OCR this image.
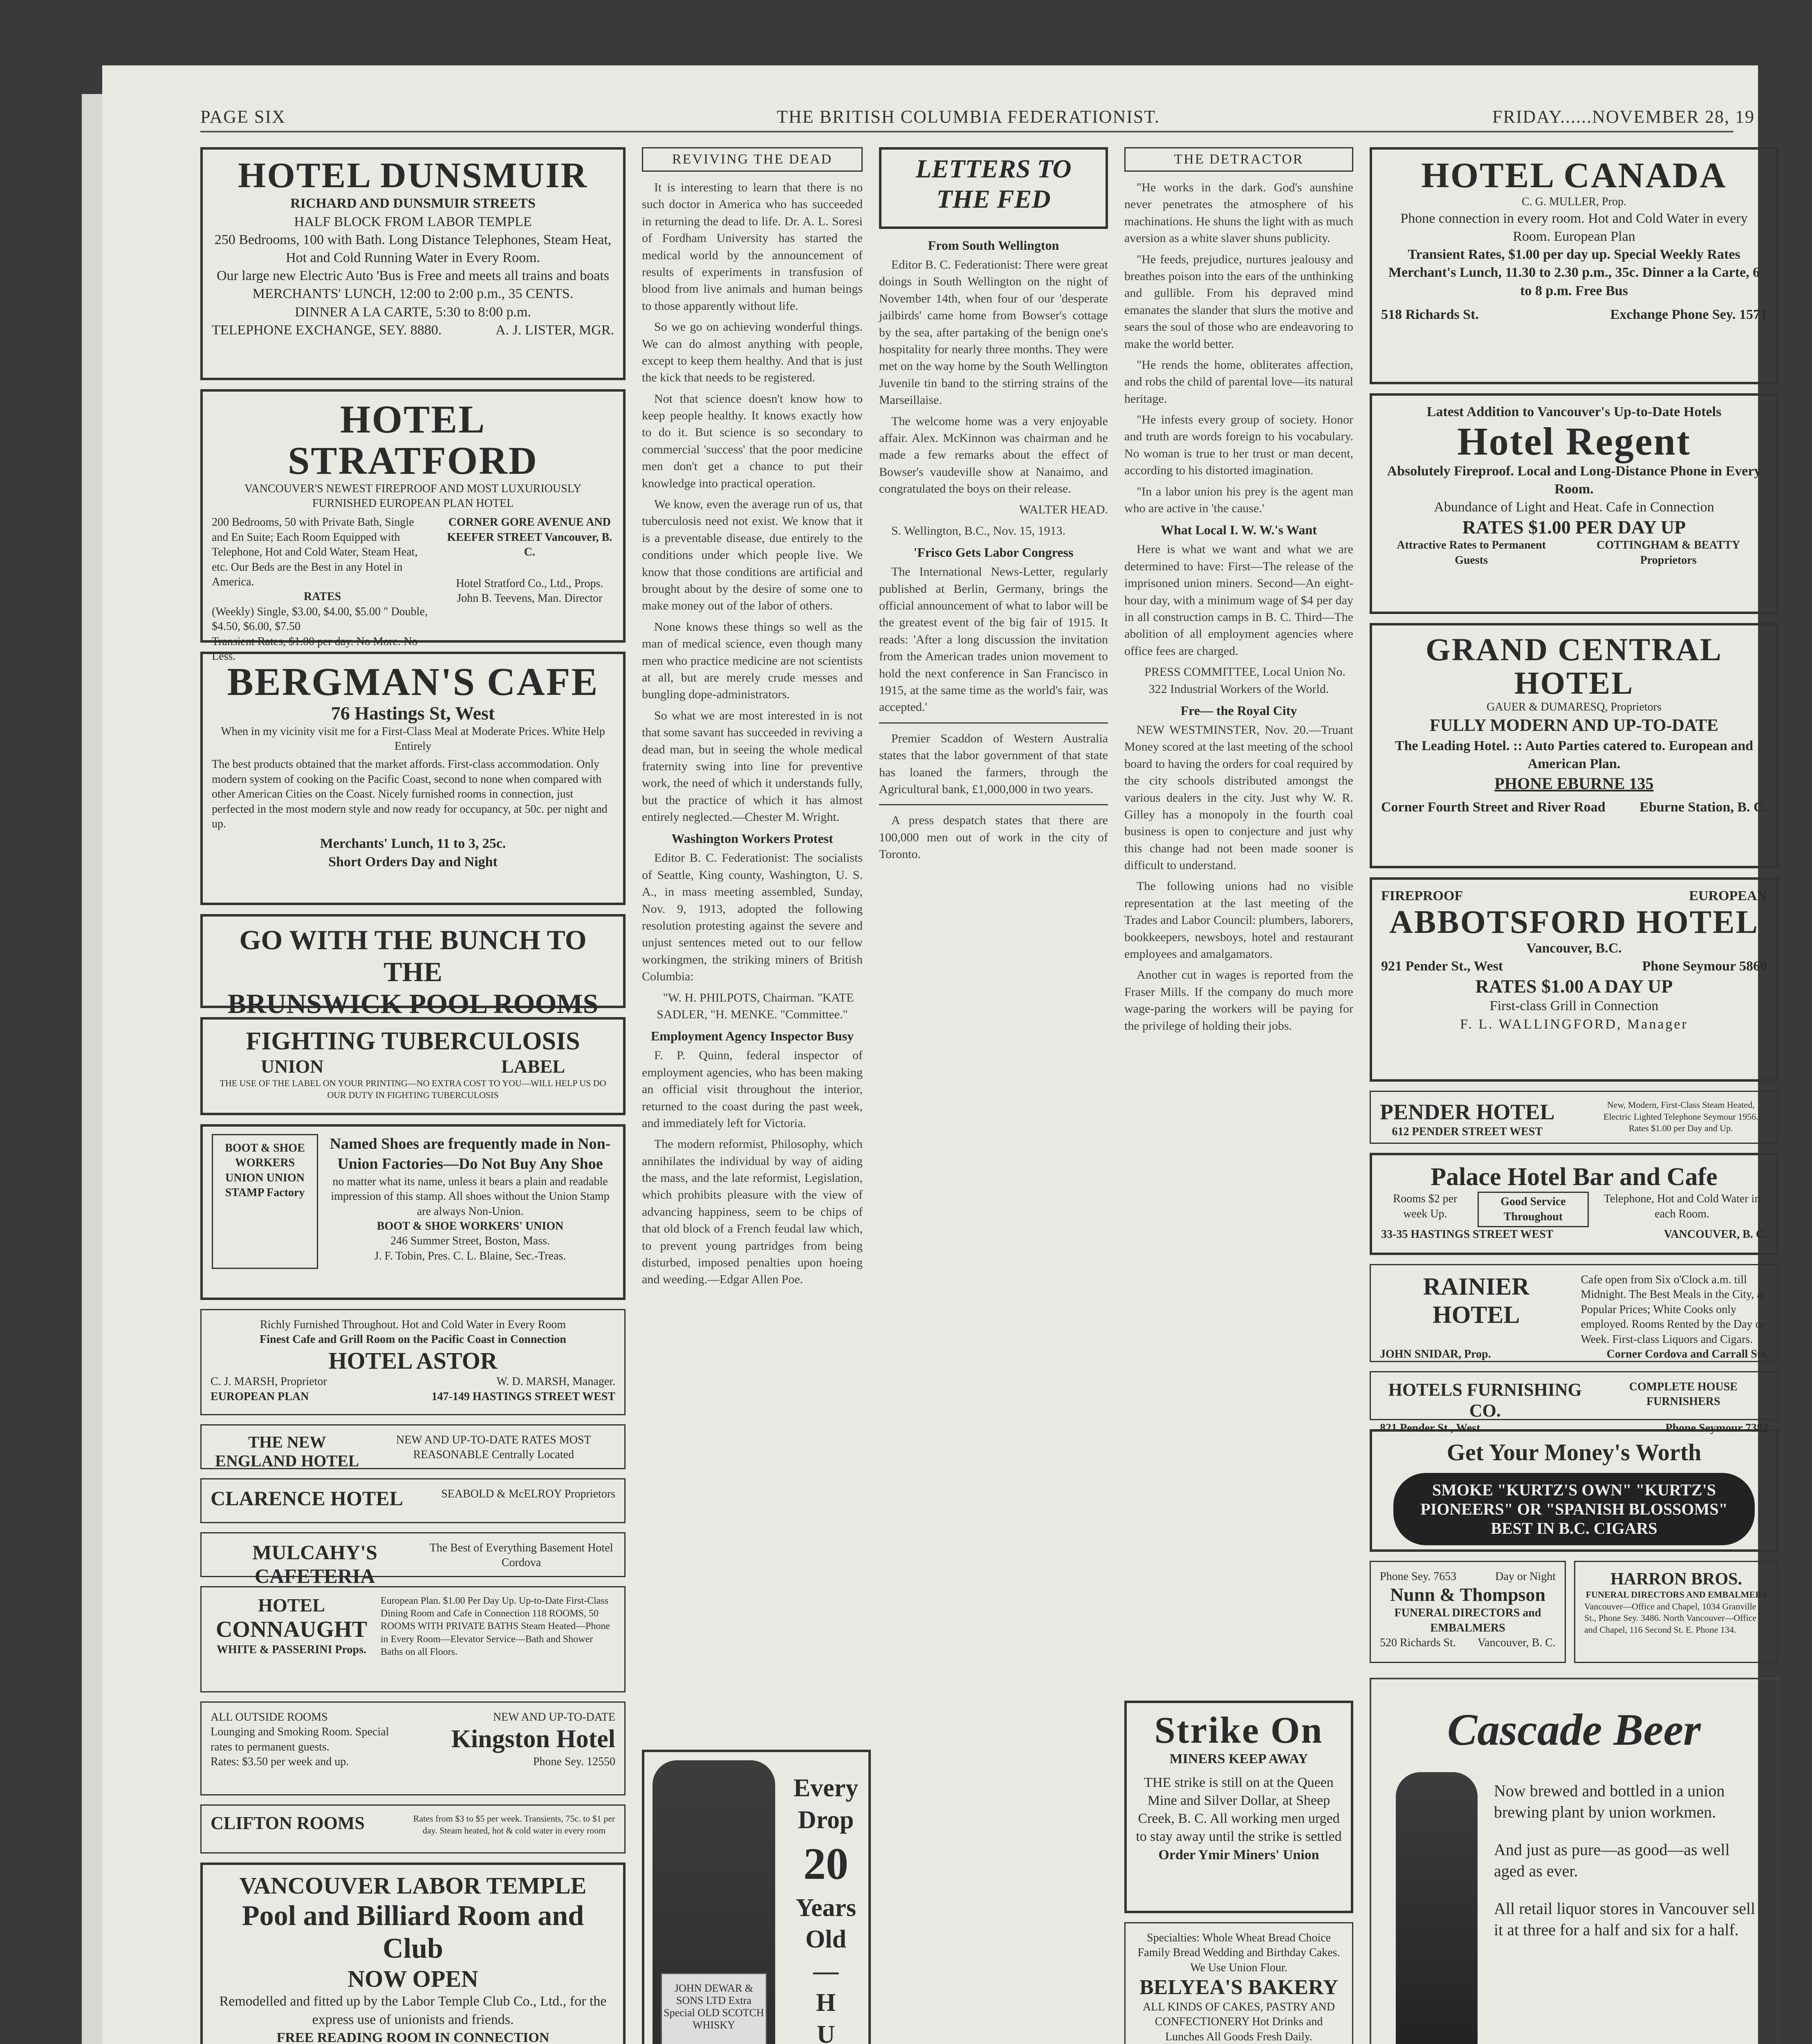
PAGE SIX	THE BRITISH COLUMBIA FEDERATIONIST.	FRIDAY......NOVEMBER 28, 19
HOTEL DUNSMUIR
RICHARD AND DUNSMUIR STREETS
HALF BLOCK FROM LABOR TEMPLE
250 Bedrooms, 100 with Bath. Long Distance Telephones, Steam Heat, Hot and Cold Running Water in Every Room.
Our large new Electric Auto 'Bus is Free and meets all trains and boats
MERCHANTS' LUNCH, 12:00 to 2:00 p.m., 35 CENTS.
DINNER A LA CARTE, 5:30 to 8:00 p.m.
TELEPHONE EXCHANGE, SEY. 8880.	A. J. LISTER, MGR.
HOTEL STRATFORD
VANCOUVER'S NEWEST FIREPROOF AND MOST LUXURIOUSLY FURNISHED EUROPEAN PLAN HOTEL
200 Bedrooms, 50 with Private Bath, Single and En Suite; Each Room Equipped with Telephone, Hot and Cold Water, Steam Heat, etc. Our Beds are the Best in any Hotel in America.
RATES
(Weekly) Single, $3.00, $4.00, $5.00 " Double, $4.50, $6.00, $7.50
Transient Rates, $1.00 per day. No More. No Less.
CORNER GORE AVENUE AND KEEFER STREET Vancouver, B. C.
Hotel Stratford Co., Ltd., Props.
John B. Teevens, Man. Director
BERGMAN'S CAFE
76 Hastings St, West
When in my vicinity visit me for a First-Class Meal at Moderate Prices. White Help Entirely
The best products obtained that the market affords. First-class accommodation. Only modern system of cooking on the Pacific Coast, second to none when compared with other American Cities on the Coast. Nicely furnished rooms in connection, just perfected in the most modern style and now ready for occupancy, at 50c. per night and up.
Merchants' Lunch, 11 to 3, 25c.
Short Orders Day and Night
GO WITH THE BUNCH TO THE
BRUNSWICK POOL ROOMS
FIGHTING TUBERCULOSIS
UNION	LABEL
THE USE OF THE LABEL ON YOUR PRINTING—NO EXTRA COST TO YOU—WILL HELP US DO OUR DUTY IN FIGHTING TUBERCULOSIS
BOOT & SHOE WORKERS UNION UNION STAMP Factory
Named Shoes are frequently made in Non-Union Factories—Do Not Buy Any Shoe
no matter what its name, unless it bears a plain and readable impression of this stamp. All shoes without the Union Stamp are always Non-Union.
BOOT & SHOE WORKERS' UNION
246 Summer Street, Boston, Mass.
J. F. Tobin, Pres. C. L. Blaine, Sec.-Treas.
Richly Furnished Throughout. Hot and Cold Water in Every Room
Finest Cafe and Grill Room on the Pacific Coast in Connection
HOTEL ASTOR
C. J. MARSH, Proprietor	W. D. MARSH, Manager.
EUROPEAN PLAN	147-149 HASTINGS STREET WEST
THE NEW ENGLAND HOTEL
NEW AND UP-TO-DATE RATES MOST REASONABLE Centrally Located
CLARENCE HOTEL	SEABOLD & McELROY Proprietors
MULCAHY'S CAFETERIA
The Best of Everything Basement Hotel Cordova
HOTEL
CONNAUGHT
WHITE & PASSERINI Props.
European Plan. $1.00 Per Day Up. Up-to-Date First-Class Dining Room and Cafe in Connection 118 ROOMS, 50 ROOMS WITH PRIVATE BATHS Steam Heated—Phone in Every Room—Elevator Service—Bath and Shower Baths on all Floors.
ALL OUTSIDE ROOMS	NEW AND UP-TO-DATE
Lounging and Smoking Room. Special rates to permanent guests.	Kingston Hotel
Rates: $3.50 per week and up.	Phone Sey. 12550
CLIFTON ROOMS	Rates from $3 to $5 per week. Transients, 75c. to $1 per day. Steam heated, hot & cold water in every room
VANCOUVER LABOR TEMPLE
Pool and Billiard Room and Club
NOW OPEN
Remodelled and fitted up by the Labor Temple Club Co., Ltd., for the express use of unionists and friends.
FREE READING ROOM IN CONNECTION
REVIVING THE DEAD

It is interesting to learn that there is no such doctor in America who has succeeded in returning the dead to life. Dr. A. L. Soresi of Fordham University has started the medical world by the announcement of results of experiments in transfusion of blood from live animals and human beings to those apparently without life.

So we go on achieving wonderful things. We can do almost anything with people, except to keep them healthy. And that is just the kick that needs to be registered.

Not that science doesn't know how to keep people healthy. It knows exactly how to do it. But science is so secondary to commercial 'success' that the poor medicine men don't get a chance to put their knowledge into practical operation.

We know, even the average run of us, that tuberculosis need not exist. We know that it is a preventable disease, due entirely to the conditions under which people live. We know that those conditions are artificial and brought about by the desire of some one to make money out of the labor of others.

None knows these things so well as the man of medical science, even though many men who practice medicine are not scientists at all, but are merely crude messes and bungling dope-administrators.

So what we are most interested in is not that some savant has succeeded in reviving a dead man, but in seeing the whole medical fraternity swing into line for preventive work, the need of which it understands fully, but the practice of which it has almost entirely neglected.—Chester M. Wright.

Washington Workers Protest

Editor B. C. Federationist: The socialists of Seattle, King county, Washington, U. S. A., in mass meeting assembled, Sunday, Nov. 9, 1913, adopted the following resolution protesting against the severe and unjust sentences meted out to our fellow workingmen, the striking miners of British Columbia:

"W. H. PHILPOTS, Chairman. "KATE SADLER, "H. MENKE. "Committee."

Employment Agency Inspector Busy

F. P. Quinn, federal inspector of employment agencies, who has been making an official visit throughout the interior, returned to the coast during the past week, and immediately left for Victoria.

The modern reformist, Philosophy, which annihilates the individual by way of aiding the mass, and the late reformist, Legislation, which prohibits pleasure with the view of advancing happiness, seem to be chips of that old block of a French feudal law which, to prevent young partridges from being disturbed, imposed penalties upon hoeing and weeding.—Edgar Allen Poe.

JOHN DEWAR & SONS LTD Extra Special OLD SCOTCH WHISKY
Every
Drop
20
Years
Old
—
H
U
LETTERS TO THE FED
From South Wellington

Editor B. C. Federationist: There were great doings in South Wellington on the night of November 14th, when four of our 'desperate jailbirds' came home from Bowser's cottage by the sea, after partaking of the benign one's hospitality for nearly three months. They were met on the way home by the South Wellington Juvenile tin band to the stirring strains of the Marseillaise.

The welcome home was a very enjoyable affair. Alex. McKinnon was chairman and he made a few remarks about the effect of Bowser's vaudeville show at Nanaimo, and congratulated the boys on their release.

WALTER HEAD.

S. Wellington, B.C., Nov. 15, 1913.

'Frisco Gets Labor Congress

The International News-Letter, regularly published at Berlin, Germany, brings the official announcement of what to labor will be the greatest event of the big fair of 1915. It reads: 'After a long discussion the invitation from the American trades union movement to hold the next conference in San Francisco in 1915, at the same time as the world's fair, was accepted.'

Premier Scaddon of Western Australia states that the labor government of that state has loaned the farmers, through the Agricultural bank, £1,000,000 in two years.

A press despatch states that there are 100,000 men out of work in the city of Toronto.

THE DETRACTOR

"He works in the dark. God's aunshine never penetrates the atmosphere of his machinations. He shuns the light with as much aversion as a white slaver shuns publicity.

"He feeds, prejudice, nurtures jealousy and breathes poison into the ears of the unthinking and gullible. From his depraved mind emanates the slander that slurs the motive and sears the soul of those who are endeavoring to make the world better.

"He rends the home, obliterates affection, and robs the child of parental love—its natural heritage.

"He infests every group of society. Honor and truth are words foreign to his vocabulary. No woman is true to her trust or man decent, according to his distorted imagination.

"In a labor union his prey is the agent man who are active in 'the cause.'

What Local I. W. W.'s Want

Here is what we want and what we are determined to have: First—The release of the imprisoned union miners. Second—An eight-hour day, with a minimum wage of $4 per day in all construction camps in B. C. Third—The abolition of all employment agencies where office fees are charged.

PRESS COMMITTEE, Local Union No. 322 Industrial Workers of the World.

Fre— the Royal City

NEW WESTMINSTER, Nov. 20.—Truant Money scored at the last meeting of the school board to having the orders for coal required by the city schools distributed amongst the various dealers in the city. Just why W. R. Gilley has a monopoly in the fourth coal business is open to conjecture and just why this change had not been made sooner is difficult to understand.

The following unions had no visible representation at the last meeting of the Trades and Labor Council: plumbers, laborers, bookkeepers, newsboys, hotel and restaurant employees and amalgamators.

Another cut in wages is reported from the Fraser Mills. If the company do much more wage-paring the workers will be paying for the privilege of holding their jobs.

Strike On
MINERS KEEP AWAY
THE strike is still on at the Queen Mine and Silver Dollar, at Sheep Creek, B. C. All working men urged to stay away until the strike is settled
Order Ymir Miners' Union
Specialties: Whole Wheat Bread Choice Family Bread Wedding and Birthday Cakes. We Use Union Flour.
BELYEA'S BAKERY
ALL KINDS OF CAKES, PASTRY AND CONFECTIONERY Hot Drinks and Lunches All Goods Fresh Daily.
HOTEL CANADA
C. G. MULLER, Prop.
Phone connection in every room. Hot and Cold Water in every Room. European Plan
Transient Rates, $1.00 per day up. Special Weekly Rates Merchant's Lunch, 11.30 to 2.30 p.m., 35c. Dinner a la Carte, 6 to 8 p.m. Free Bus
518 Richards St.	Exchange Phone Sey. 1571
Latest Addition to Vancouver's Up-to-Date Hotels
Hotel Regent
Absolutely Fireproof. Local and Long-Distance Phone in Every Room.
Abundance of Light and Heat. Cafe in Connection
RATES $1.00 PER DAY UP
Attractive Rates to Permanent Guests
COTTINGHAM & BEATTY Proprietors
GRAND CENTRAL HOTEL
GAUER & DUMARESQ, Proprietors
FULLY MODERN AND UP-TO-DATE
The Leading Hotel. :: Auto Parties catered to. European and American Plan.
PHONE EBURNE 135
Corner Fourth Street and River Road Eburne Station, B. C.
FIREPROOF	EUROPEAN
ABBOTSFORD HOTEL
Vancouver, B.C.
921 Pender St., West	Phone Seymour 5860
RATES $1.00 A DAY UP
First-class Grill in Connection
F. L. WALLINGFORD, Manager
PENDER HOTEL
612 PENDER STREET WEST
New, Modern, First-Class Steam Heated, Electric Lighted Telephone Seymour 1956. Rates $1.00 per Day and Up.
Palace Hotel Bar and Cafe
Rooms $2 per week Up.
Good Service Throughout
Telephone, Hot and Cold Water in each Room.
33-35 HASTINGS STREET WEST	VANCOUVER, B. C.
RAINIER HOTEL
Cafe open from Six o'Clock a.m. till Midnight. The Best Meals in the City, at Popular Prices; White Cooks only employed. Rooms Rented by the Day or Week. First-class Liquors and Cigars.
JOHN SNIDAR, Prop.	Corner Cordova and Carrall Sts.
HOTELS FURNISHING CO.
COMPLETE HOUSE FURNISHERS
821 Pender St., West	Phone Seymour 7382
Get Your Money's Worth
SMOKE "KURTZ'S OWN" "KURTZ'S PIONEERS" OR "SPANISH BLOSSOMS" BEST IN B.C. CIGARS
Phone Sey. 7653	Day or Night
Nunn & Thompson
FUNERAL DIRECTORS and EMBALMERS
520 Richards St. Vancouver, B. C.
HARRON BROS.
FUNERAL DIRECTORS AND EMBALMERS
Vancouver—Office and Chapel, 1034 Granville St., Phone Sey. 3486. North Vancouver—Office and Chapel, 116 Second St. E. Phone 134.
Cascade Beer

Now brewed and bottled in a union brewing plant by union workmen.

And just as pure—as good—as well aged as ever.

All retail liquor stores in Vancouver sell it at three for a half and six for a half.
